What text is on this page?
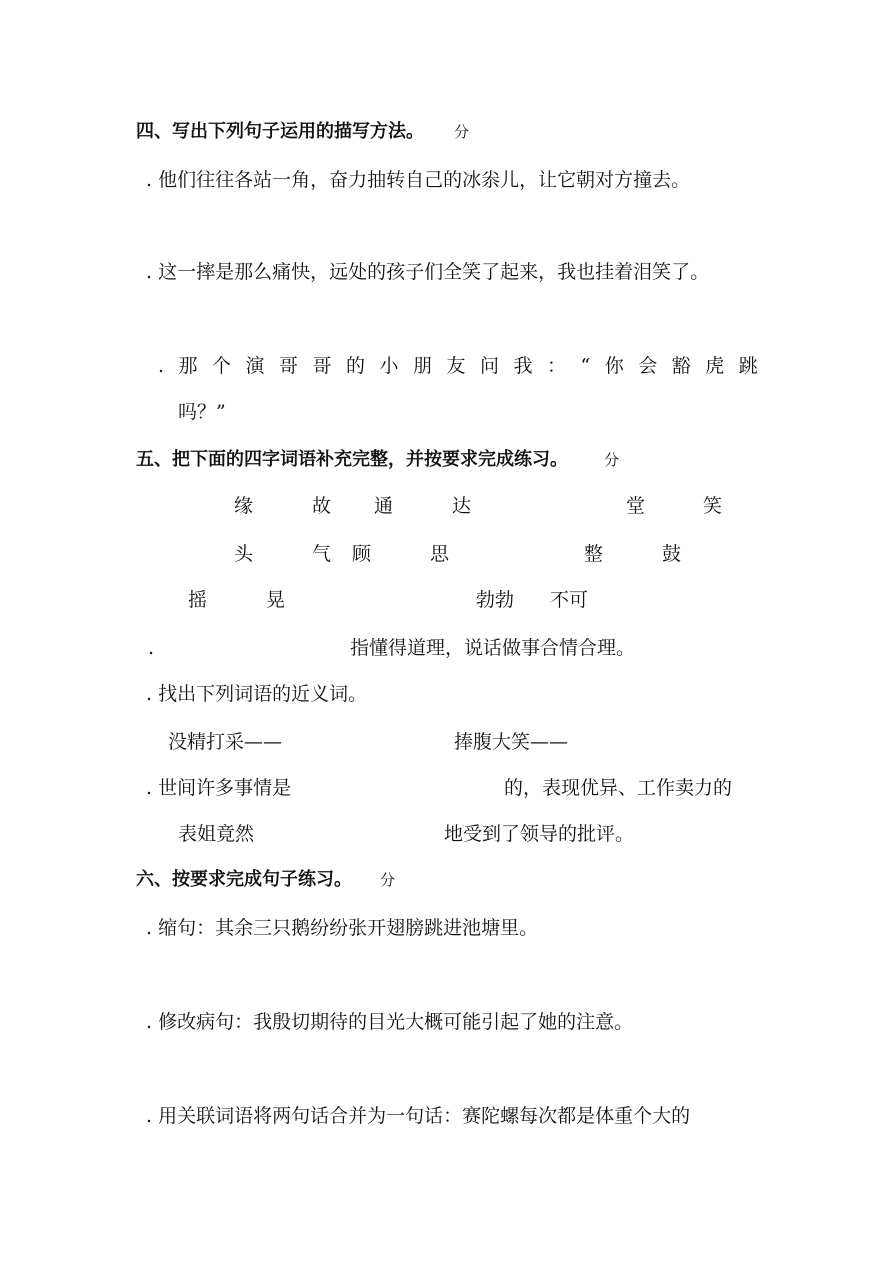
四、写出下列句子运用的描写方法。 分
. 他们往往各站一角，奋力抽转自己的冰尜儿，让它朝对方撞去。
. 这一摔是那么痛快，远处的孩子们全笑了起来，我也挂着泪笑了。
. 那 个 演 哥 哥 的 小 朋 友 问 我 ： “ 你 会 豁 虎 跳
吗？”
五、把下面的四字词语补充完整，并按要求完成练习。 分
缘	故 通	达	堂	笑
头	气 顾	思	整	鼓
摇	晃	勃勃 不可
.	指懂得道理，说话做事合情合理。
. 找出下列词语的近义词。
没精打采——	捧腹大笑——
. 世间许多事情是	的，表现优异、工作卖力的
表姐竟然	地受到了领导的批评。
六、按要求完成句子练习。 分
. 缩句：其余三只鹅纷纷张开翅膀跳进池塘里。
. 修改病句：我殷切期待的目光大概可能引起了她的注意。
. 用关联词语将两句话合并为一句话：赛陀螺每次都是体重个大的
